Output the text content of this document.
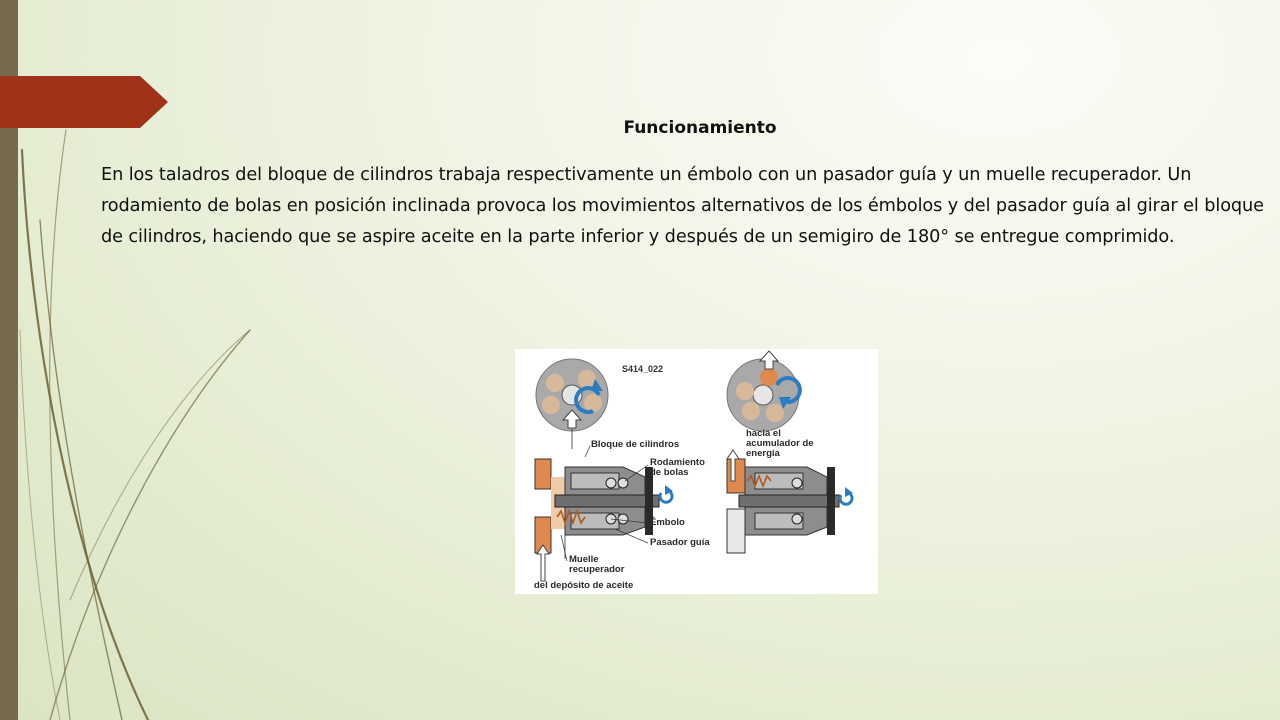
Funcionamiento
En los taladros del bloque de cilindros trabaja respectivamente un émbolo con un pasador guía y un muelle recuperador. Un rodamiento de bolas en posición inclinada provoca los movimientos alternativos de los émbolos y del pasador guía al girar el bloque de cilindros, haciendo que se aspire aceite en la parte inferior y después de un semigiro de 180° se entregue comprimido.
S414_022
Bloque de cilindros
Rodamiento
de bolas
Émbolo
Pasador guía
Muelle
recuperador
del depósito de aceite
hacia el
acumulador de
energía
